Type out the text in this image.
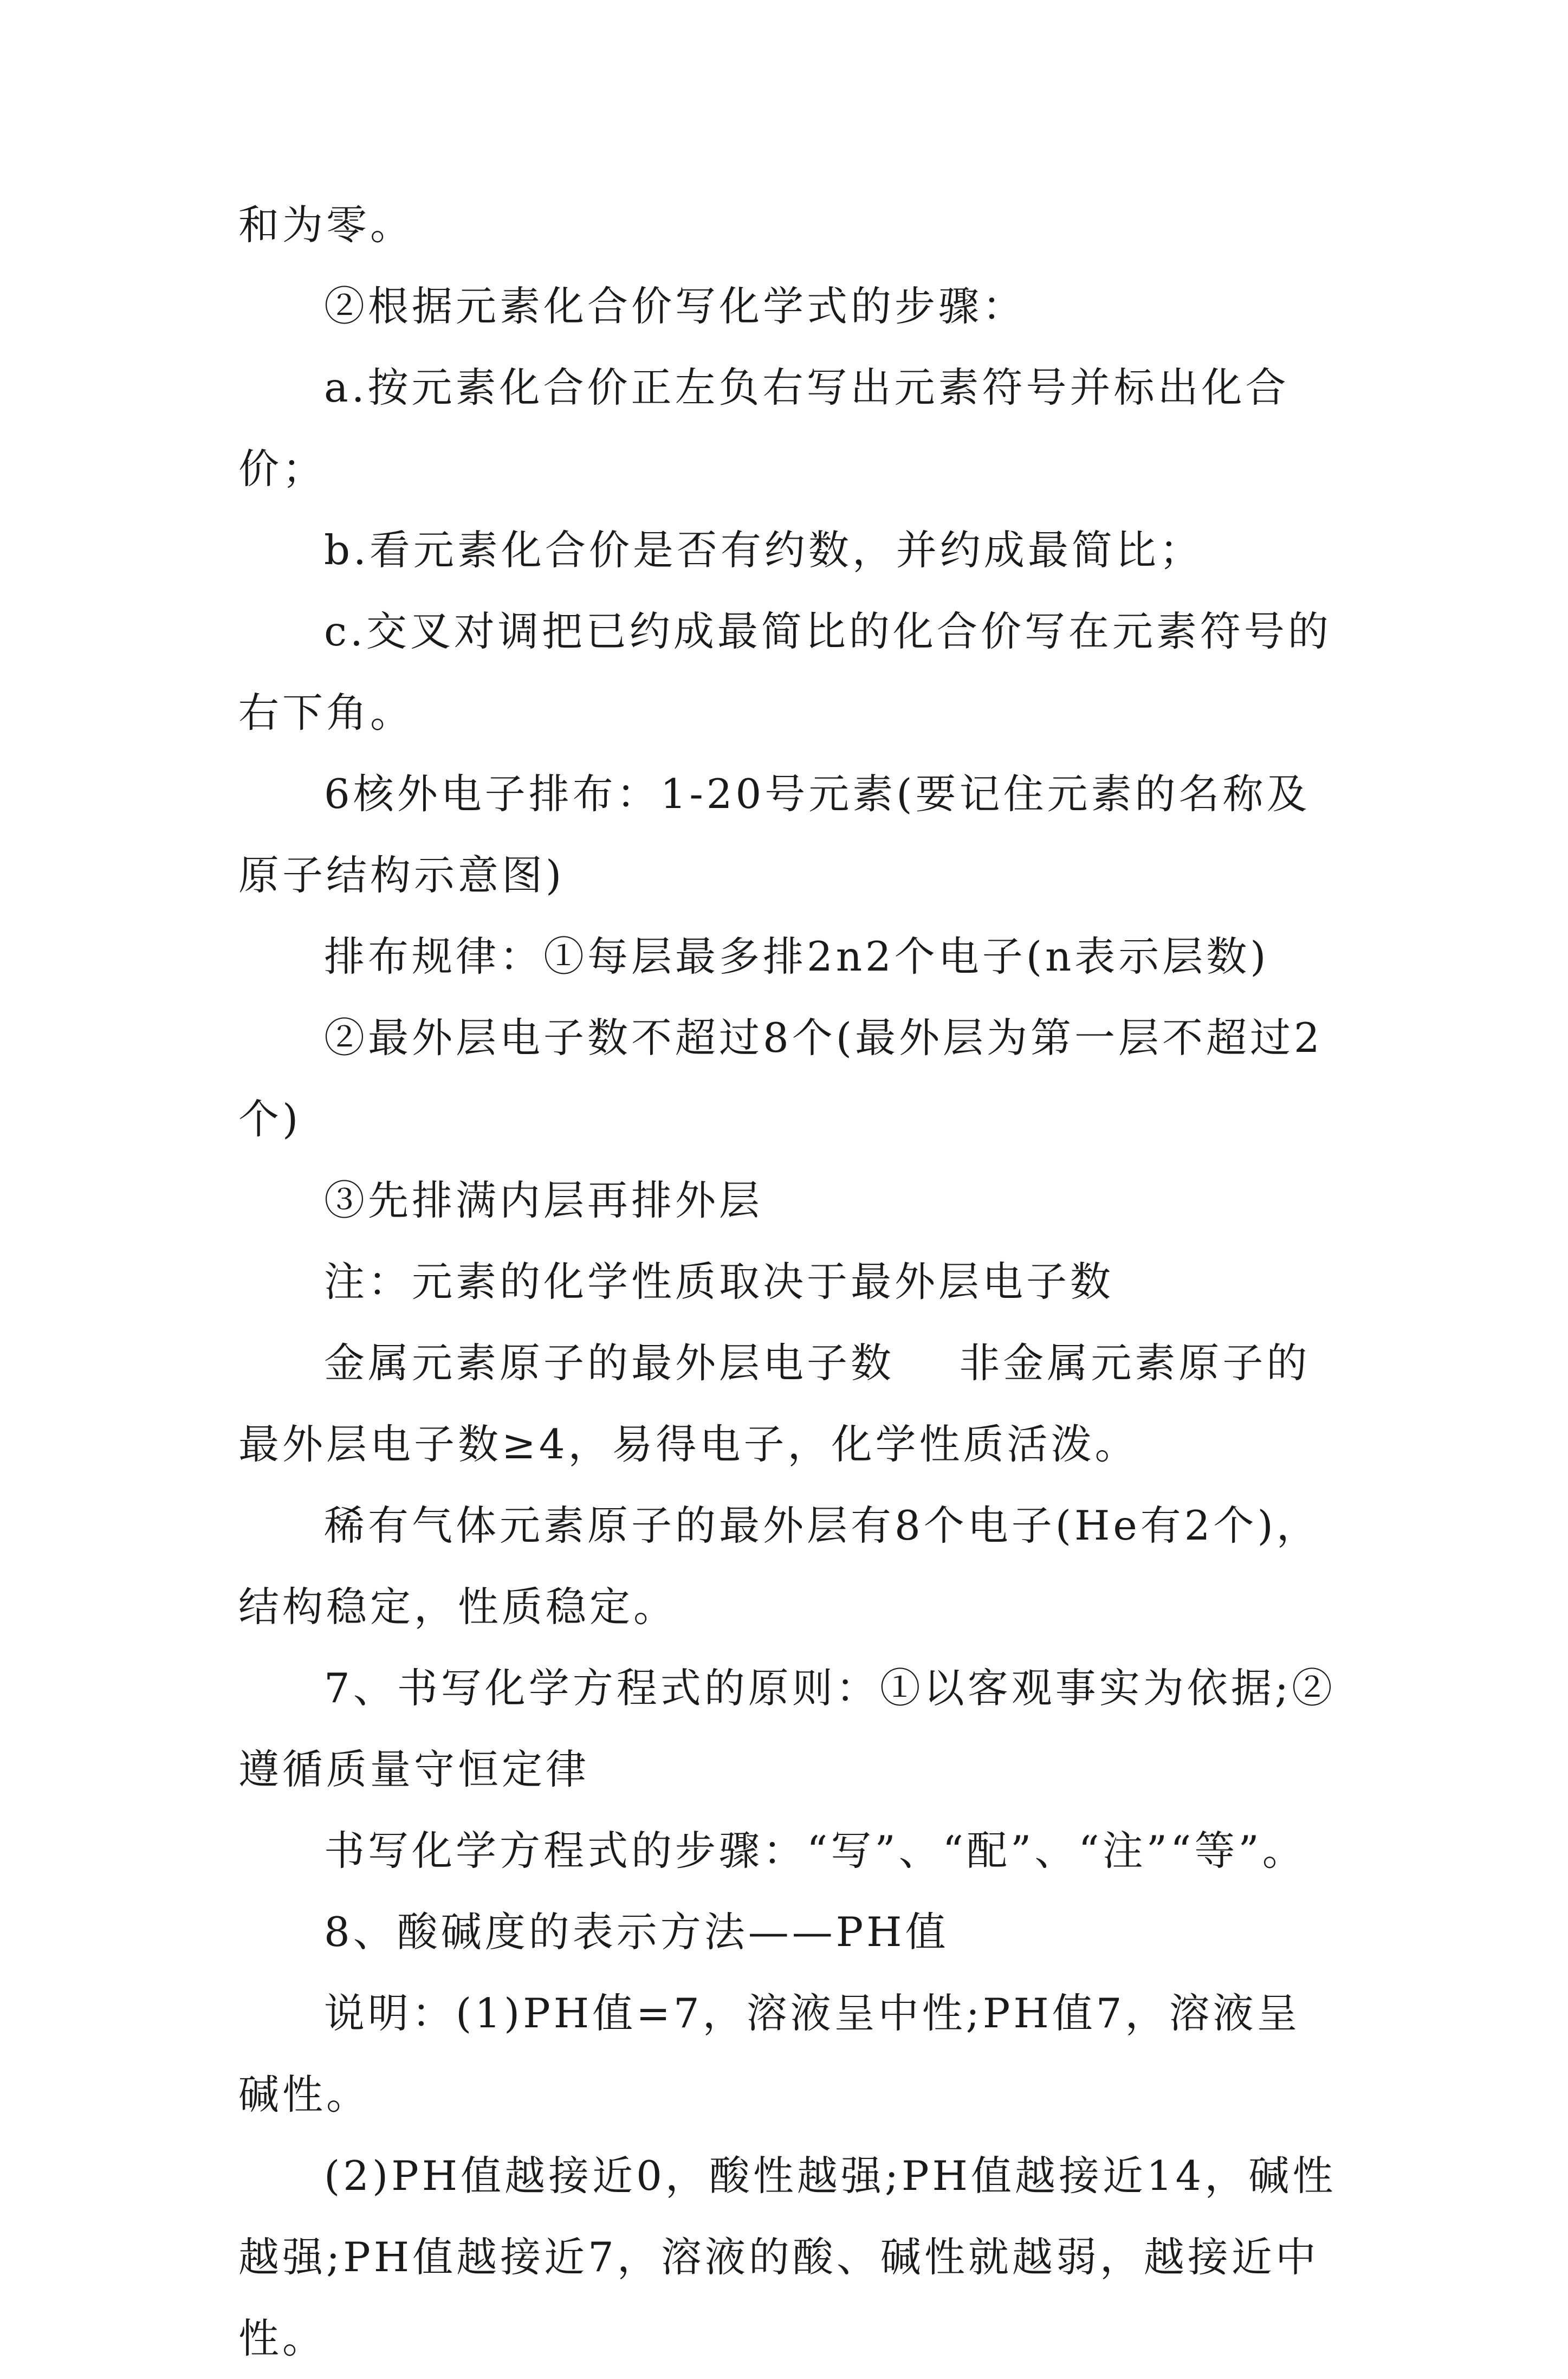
和为零。

②根据元素化合价写化学式的步骤：

a.按元素化合价正左负右写出元素符号并标出化合价；

b.看元素化合价是否有约数，并约成最简比；

c.交叉对调把已约成最简比的化合价写在元素符号的右下角。

6核外电子排布：1-20号元素(要记住元素的名称及原子结构示意图)

排布规律：①每层最多排2n2个电子(n表示层数)

②最外层电子数不超过8个(最外层为第一层不超过2个)

③先排满内层再排外层

注：元素的化学性质取决于最外层电子数

金属元素原子的最外层电子数    非金属元素原子的最外层电子数≥4，易得电子，化学性质活泼。

稀有气体元素原子的最外层有8个电子(He有2个)，结构稳定，性质稳定。

7、书写化学方程式的原则：①以客观事实为依据;②遵循质量守恒定律

书写化学方程式的步骤：“写”、“配”、“注”“等”。

8、酸碱度的表示方法——PH值

说明：(1)PH值=7，溶液呈中性;PH值7，溶液呈碱性。

(2)PH值越接近0，酸性越强;PH值越接近14，碱性越强;PH值越接近7，溶液的酸、碱性就越弱，越接近中性。
